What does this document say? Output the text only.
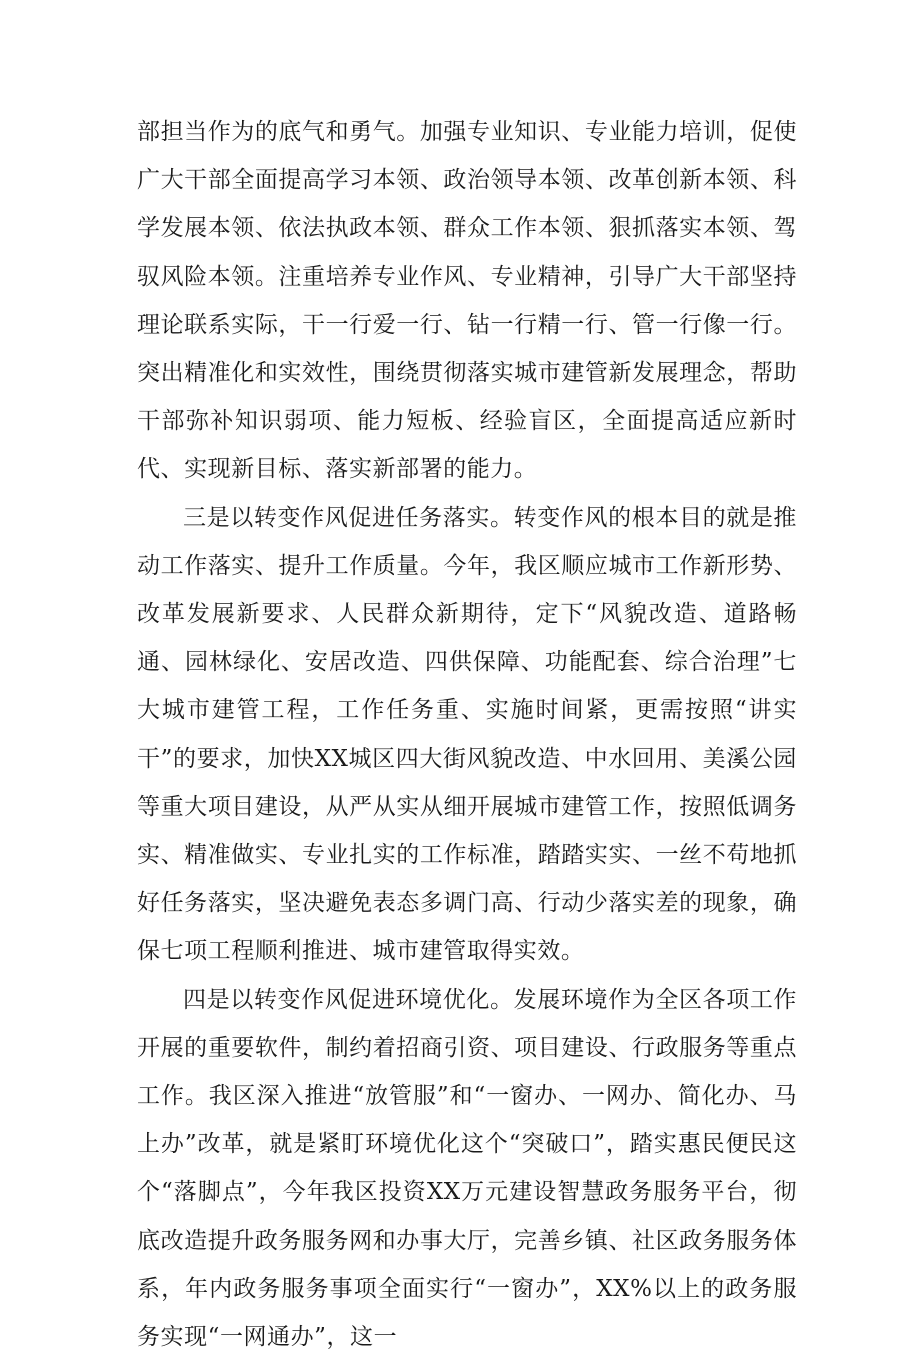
部担当作为的底气和勇气。加强专业知识、专业能力培训，促使广大干部全面提高学习本领、政治领导本领、改革创新本领、科学发展本领、依法执政本领、群众工作本领、狠抓落实本领、驾驭风险本领。注重培养专业作风、专业精神，引导广大干部坚持理论联系实际，干一行爱一行、钻一行精一行、管一行像一行。突出精准化和实效性，围绕贯彻落实城市建管新发展理念，帮助干部弥补知识弱项、能力短板、经验盲区，全面提高适应新时代、实现新目标、落实新部署的能力。

三是以转变作风促进任务落实。转变作风的根本目的就是推动工作落实、提升工作质量。今年，我区顺应城市工作新形势、改革发展新要求、人民群众新期待，定下“风貌改造、道路畅通、园林绿化、安居改造、四供保障、功能配套、综合治理”七大城市建管工程，工作任务重、实施时间紧，更需按照“讲实干”的要求，加快XX城区四大街风貌改造、中水回用、美溪公园等重大项目建设，从严从实从细开展城市建管工作，按照低调务实、精准做实、专业扎实的工作标准，踏踏实实、一丝不苟地抓好任务落实，坚决避免表态多调门高、行动少落实差的现象，确保七项工程顺利推进、城市建管取得实效。

四是以转变作风促进环境优化。发展环境作为全区各项工作开展的重要软件，制约着招商引资、项目建设、行政服务等重点工作。我区深入推进“放管服”和“一窗办、一网办、简化办、马上办”改革，就是紧盯环境优化这个“突破口”，踏实惠民便民这个“落脚点”，今年我区投资XX万元建设智慧政务服务平台，彻底改造提升政务服务网和办事大厅，完善乡镇、社区政务服务体系，年内政务服务事项全面实行“一窗办”，XX%以上的政务服务实现“一网通办”，这一
